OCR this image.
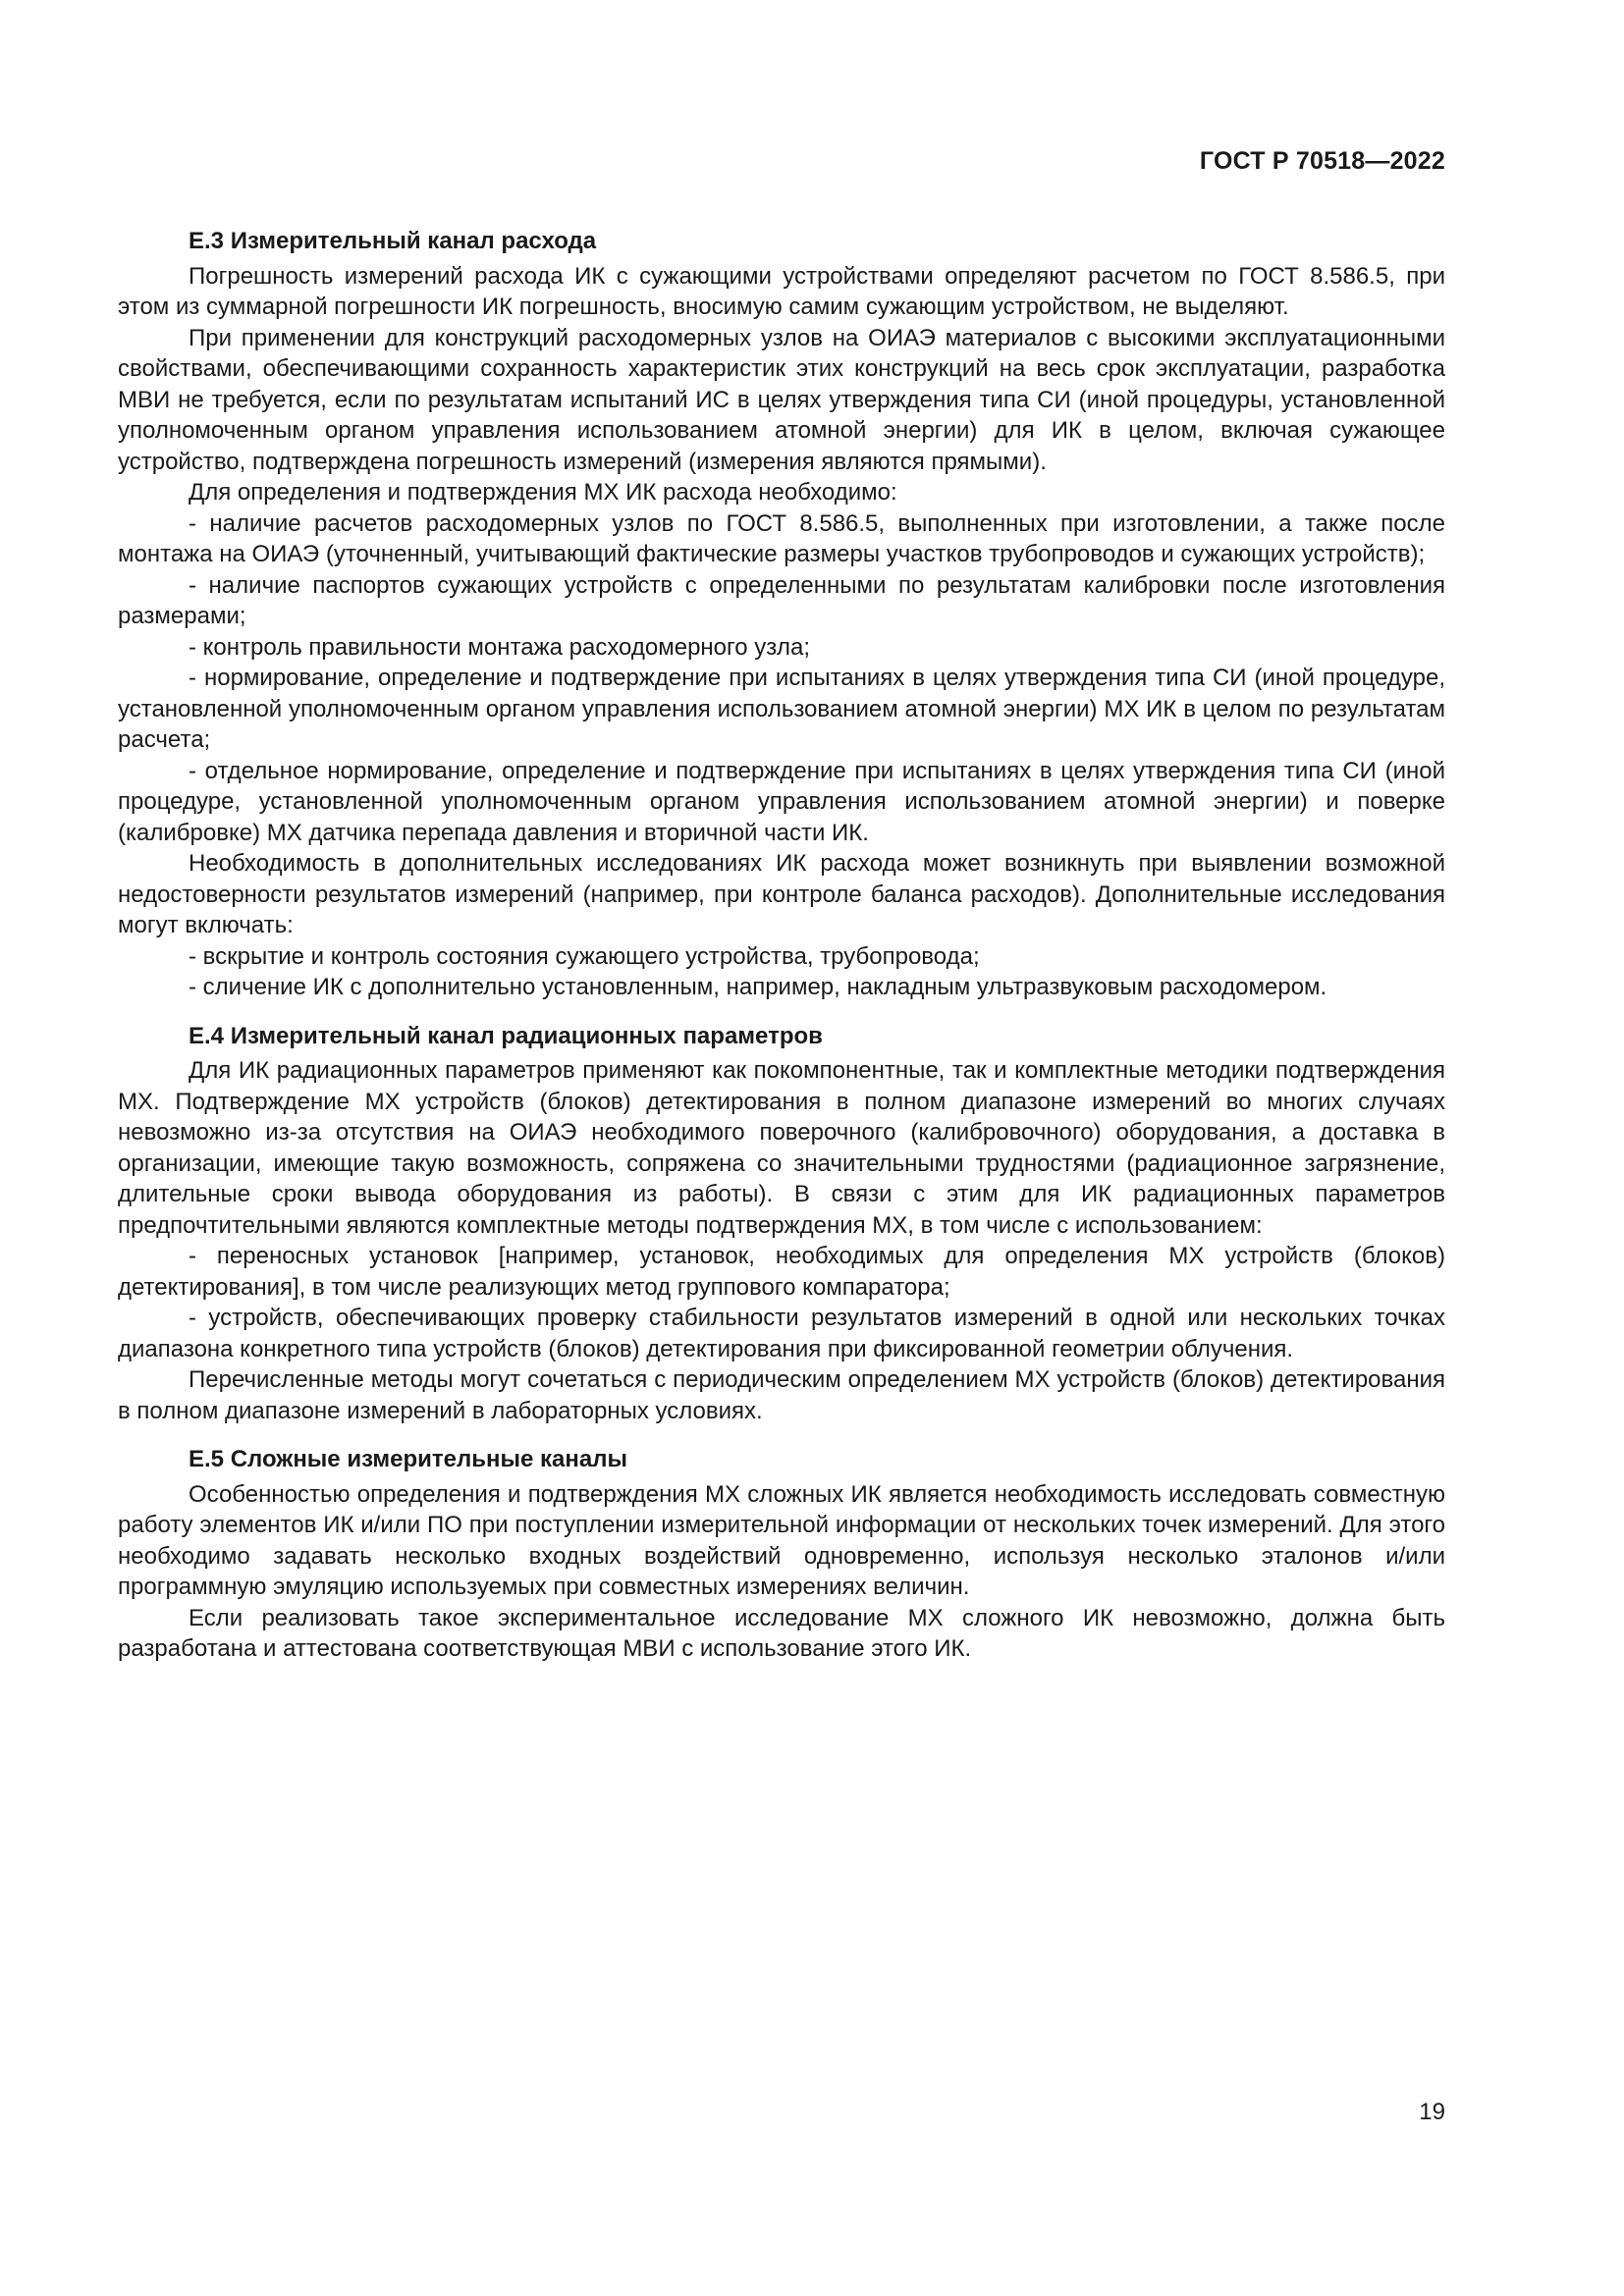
ГОСТ Р 70518—2022
Е.3 Измерительный канал расхода

Погрешность измерений расхода ИК с сужающими устройствами определяют расчетом по ГОСТ 8.586.5, при этом из суммарной погрешности ИК погрешность, вносимую самим сужающим устройством, не выделяют.

При применении для конструкций расходомерных узлов на ОИАЭ материалов с высокими эксплуатационными свойствами, обеспечивающими сохранность характеристик этих конструкций на весь срок эксплуатации, разработка МВИ не требуется, если по результатам испытаний ИС в целях утверждения типа СИ (иной процедуры, установленной уполномоченным органом управления использованием атомной энергии) для ИК в целом, включая сужающее устройство, подтверждена погрешность измерений (измерения являются прямыми).

Для определения и подтверждения МХ ИК расхода необходимо:

- наличие расчетов расходомерных узлов по ГОСТ 8.586.5, выполненных при изготовлении, а также после монтажа на ОИАЭ (уточненный, учитывающий фактические размеры участков трубопроводов и сужающих устройств);

- наличие паспортов сужающих устройств с определенными по результатам калибровки после изготовления размерами;

- контроль правильности монтажа расходомерного узла;

- нормирование, определение и подтверждение при испытаниях в целях утверждения типа СИ (иной процедуре, установленной уполномоченным органом управления использованием атомной энергии) МХ ИК в целом по результатам расчета;

- отдельное нормирование, определение и подтверждение при испытаниях в целях утверждения типа СИ (иной процедуре, установленной уполномоченным органом управления использованием атомной энергии) и поверке (калибровке) МХ датчика перепада давления и вторичной части ИК.

Необходимость в дополнительных исследованиях ИК расхода может возникнуть при выявлении возможной недостоверности результатов измерений (например, при контроле баланса расходов). Дополнительные исследования могут включать:

- вскрытие и контроль состояния сужающего устройства, трубопровода;

- сличение ИК с дополнительно установленным, например, накладным ультразвуковым расходомером.

Е.4 Измерительный канал радиационных параметров

Для ИК радиационных параметров применяют как покомпонентные, так и комплектные методики подтверждения МХ. Подтверждение МХ устройств (блоков) детектирования в полном диапазоне измерений во многих случаях невозможно из-за отсутствия на ОИАЭ необходимого поверочного (калибровочного) оборудования, а доставка в организации, имеющие такую возможность, сопряжена со значительными трудностями (радиационное загрязнение, длительные сроки вывода оборудования из работы). В связи с этим для ИК радиационных параметров предпочтительными являются комплектные методы подтверждения МХ, в том числе с использованием:

- переносных установок [например, установок, необходимых для определения МХ устройств (блоков) детектирования], в том числе реализующих метод группового компаратора;

- устройств, обеспечивающих проверку стабильности результатов измерений в одной или нескольких точках диапазона конкретного типа устройств (блоков) детектирования при фиксированной геометрии облучения.

Перечисленные методы могут сочетаться с периодическим определением МХ устройств (блоков) детектирования в полном диапазоне измерений в лабораторных условиях.

Е.5 Сложные измерительные каналы

Особенностью определения и подтверждения МХ сложных ИК является необходимость исследовать совместную работу элементов ИК и/или ПО при поступлении измерительной информации от нескольких точек измерений. Для этого необходимо задавать несколько входных воздействий одновременно, используя несколько эталонов и/или программную эмуляцию используемых при совместных измерениях величин.

Если реализовать такое экспериментальное исследование МХ сложного ИК невозможно, должна быть разработана и аттестована соответствующая МВИ с использование этого ИК.

19
